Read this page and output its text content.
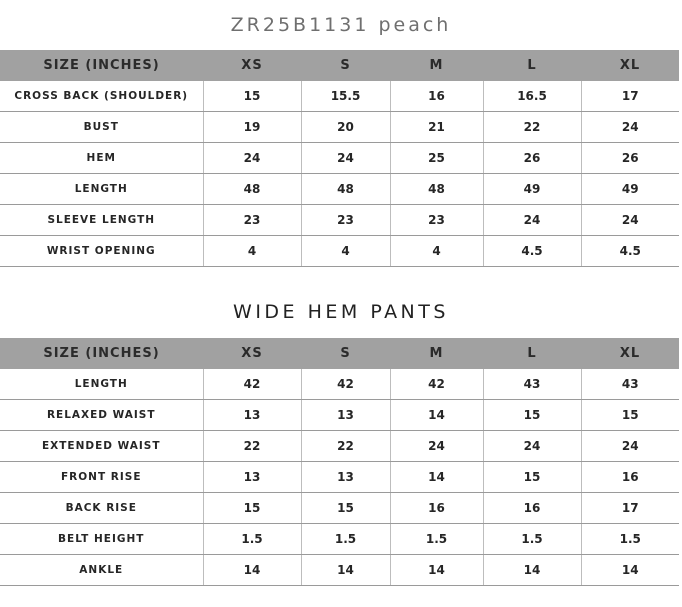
ZR25B1131 peach
SIZE (INCHES)	XS	S	M	L	XL
CROSS BACK (SHOULDER)	15	15.5	16	16.5	17
BUST	19	20	21	22	24
HEM	24	24	25	26	26
LENGTH	48	48	48	49	49
SLEEVE LENGTH	23	23	23	24	24
WRIST OPENING	4	4	4	4.5	4.5
WIDE HEM PANTS
SIZE (INCHES)	XS	S	M	L	XL
LENGTH	42	42	42	43	43
RELAXED WAIST	13	13	14	15	15
EXTENDED WAIST	22	22	24	24	24
FRONT RISE	13	13	14	15	16
BACK RISE	15	15	16	16	17
BELT HEIGHT	1.5	1.5	1.5	1.5	1.5
ANKLE	14	14	14	14	14
